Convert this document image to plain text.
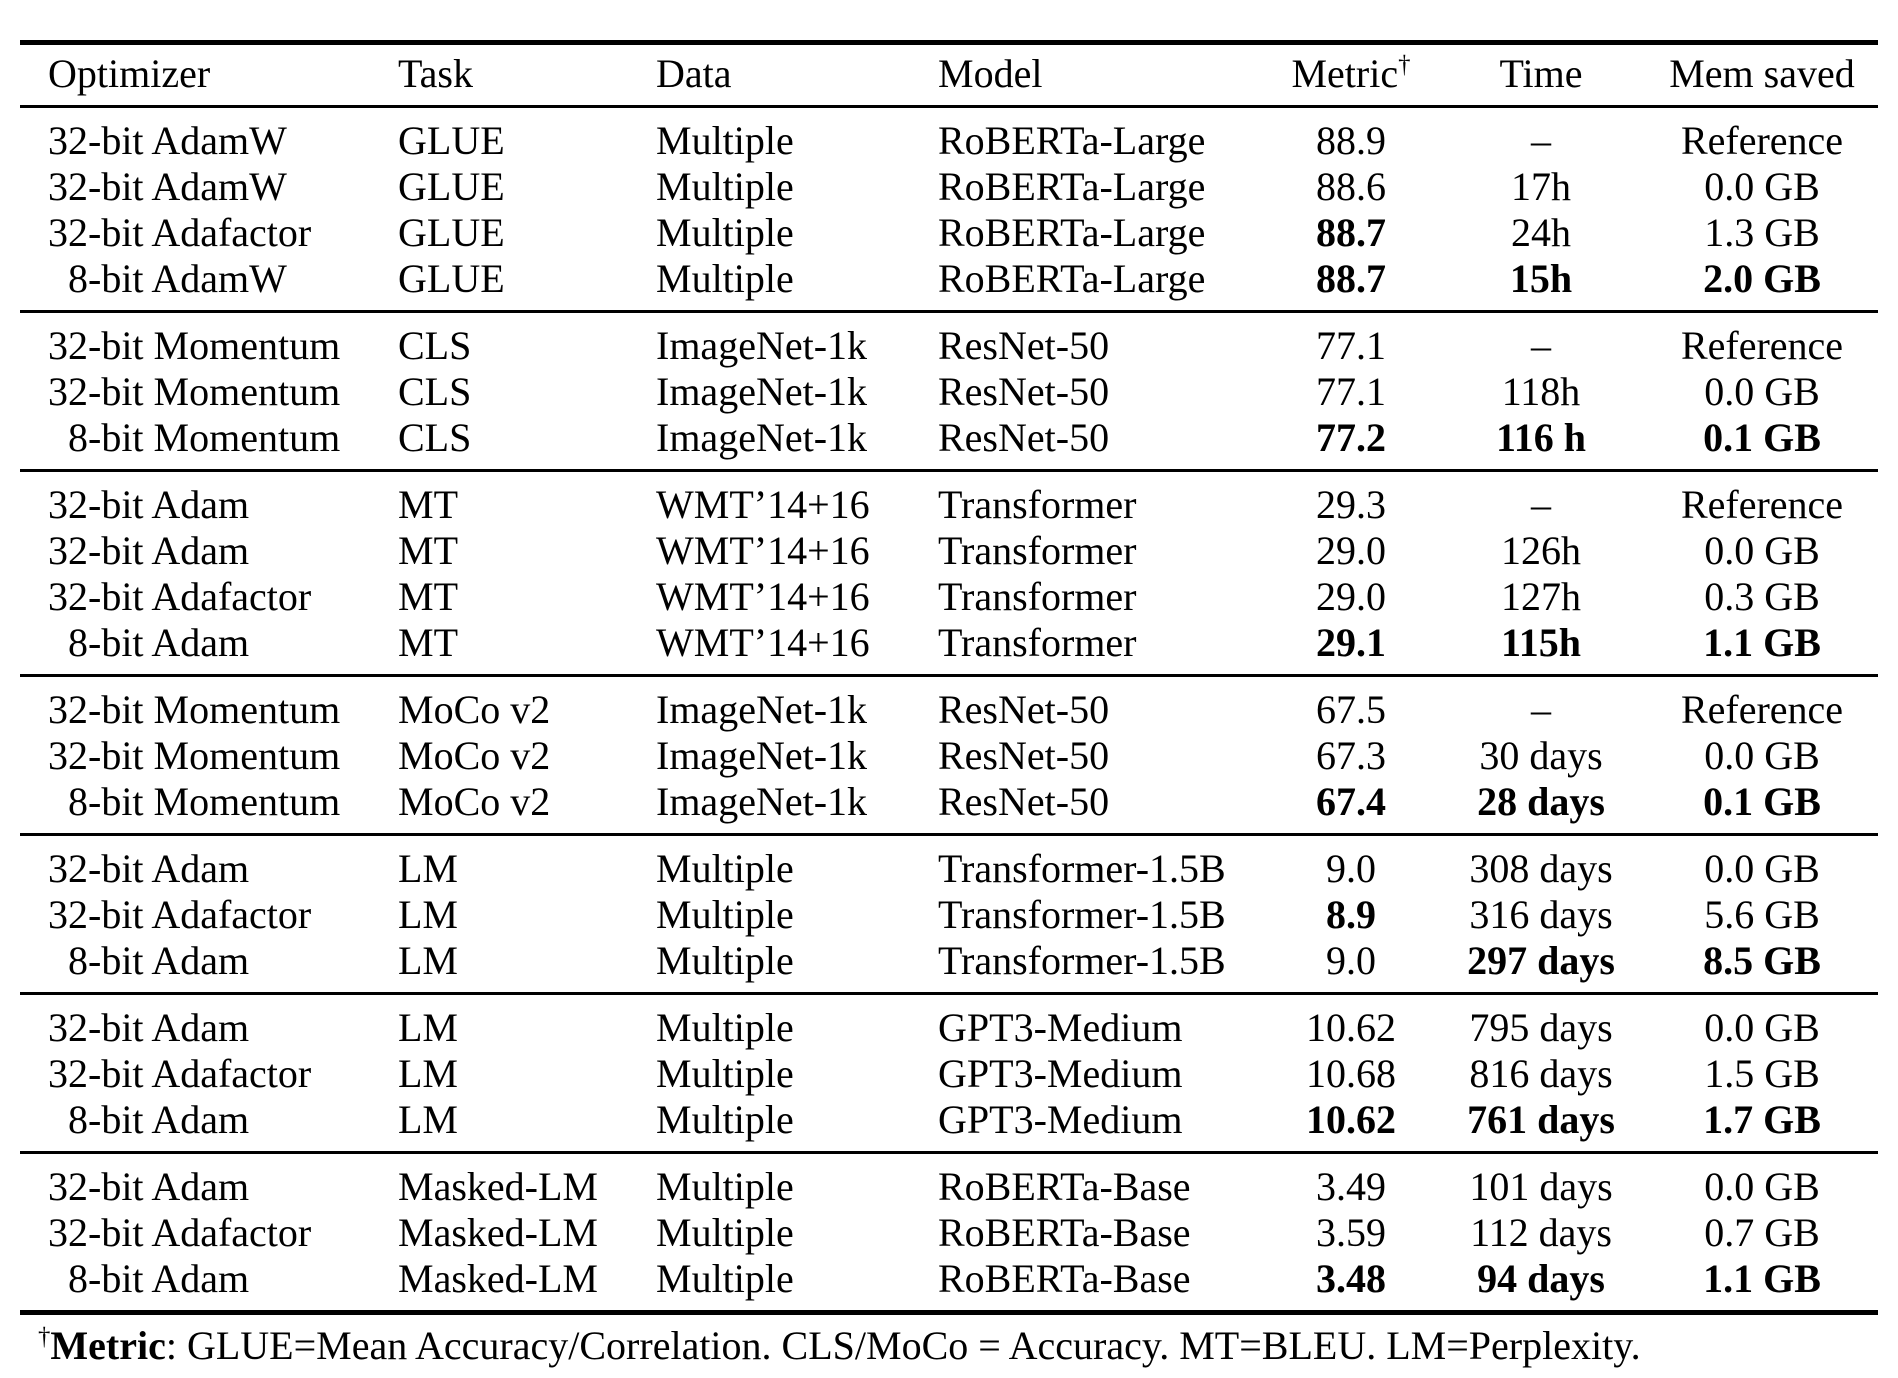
Optimizer	Task	Data	Model	Metric†	Time	Mem saved
32-bit AdamW	GLUE	Multiple	RoBERTa-Large	88.9	–	Reference
32-bit AdamW	GLUE	Multiple	RoBERTa-Large	88.6	17h	0.0 GB
32-bit Adafactor	GLUE	Multiple	RoBERTa-Large	88.7	24h	1.3 GB
8-bit AdamW	GLUE	Multiple	RoBERTa-Large	88.7	15h	2.0 GB
32-bit Momentum	CLS	ImageNet-1k	ResNet-50	77.1	–	Reference
32-bit Momentum	CLS	ImageNet-1k	ResNet-50	77.1	118h	0.0 GB
8-bit Momentum	CLS	ImageNet-1k	ResNet-50	77.2	116 h	0.1 GB
32-bit Adam	MT	WMT’14+16	Transformer	29.3	–	Reference
32-bit Adam	MT	WMT’14+16	Transformer	29.0	126h	0.0 GB
32-bit Adafactor	MT	WMT’14+16	Transformer	29.0	127h	0.3 GB
8-bit Adam	MT	WMT’14+16	Transformer	29.1	115h	1.1 GB
32-bit Momentum	MoCo v2	ImageNet-1k	ResNet-50	67.5	–	Reference
32-bit Momentum	MoCo v2	ImageNet-1k	ResNet-50	67.3	30 days	0.0 GB
8-bit Momentum	MoCo v2	ImageNet-1k	ResNet-50	67.4	28 days	0.1 GB
32-bit Adam	LM	Multiple	Transformer-1.5B	9.0	308 days	0.0 GB
32-bit Adafactor	LM	Multiple	Transformer-1.5B	8.9	316 days	5.6 GB
8-bit Adam	LM	Multiple	Transformer-1.5B	9.0	297 days	8.5 GB
32-bit Adam	LM	Multiple	GPT3-Medium	10.62	795 days	0.0 GB
32-bit Adafactor	LM	Multiple	GPT3-Medium	10.68	816 days	1.5 GB
8-bit Adam	LM	Multiple	GPT3-Medium	10.62	761 days	1.7 GB
32-bit Adam	Masked-LM	Multiple	RoBERTa-Base	3.49	101 days	0.0 GB
32-bit Adafactor	Masked-LM	Multiple	RoBERTa-Base	3.59	112 days	0.7 GB
8-bit Adam	Masked-LM	Multiple	RoBERTa-Base	3.48	94 days	1.1 GB
†Metric: GLUE=Mean Accuracy/Correlation. CLS/MoCo = Accuracy. MT=BLEU. LM=Perplexity.
